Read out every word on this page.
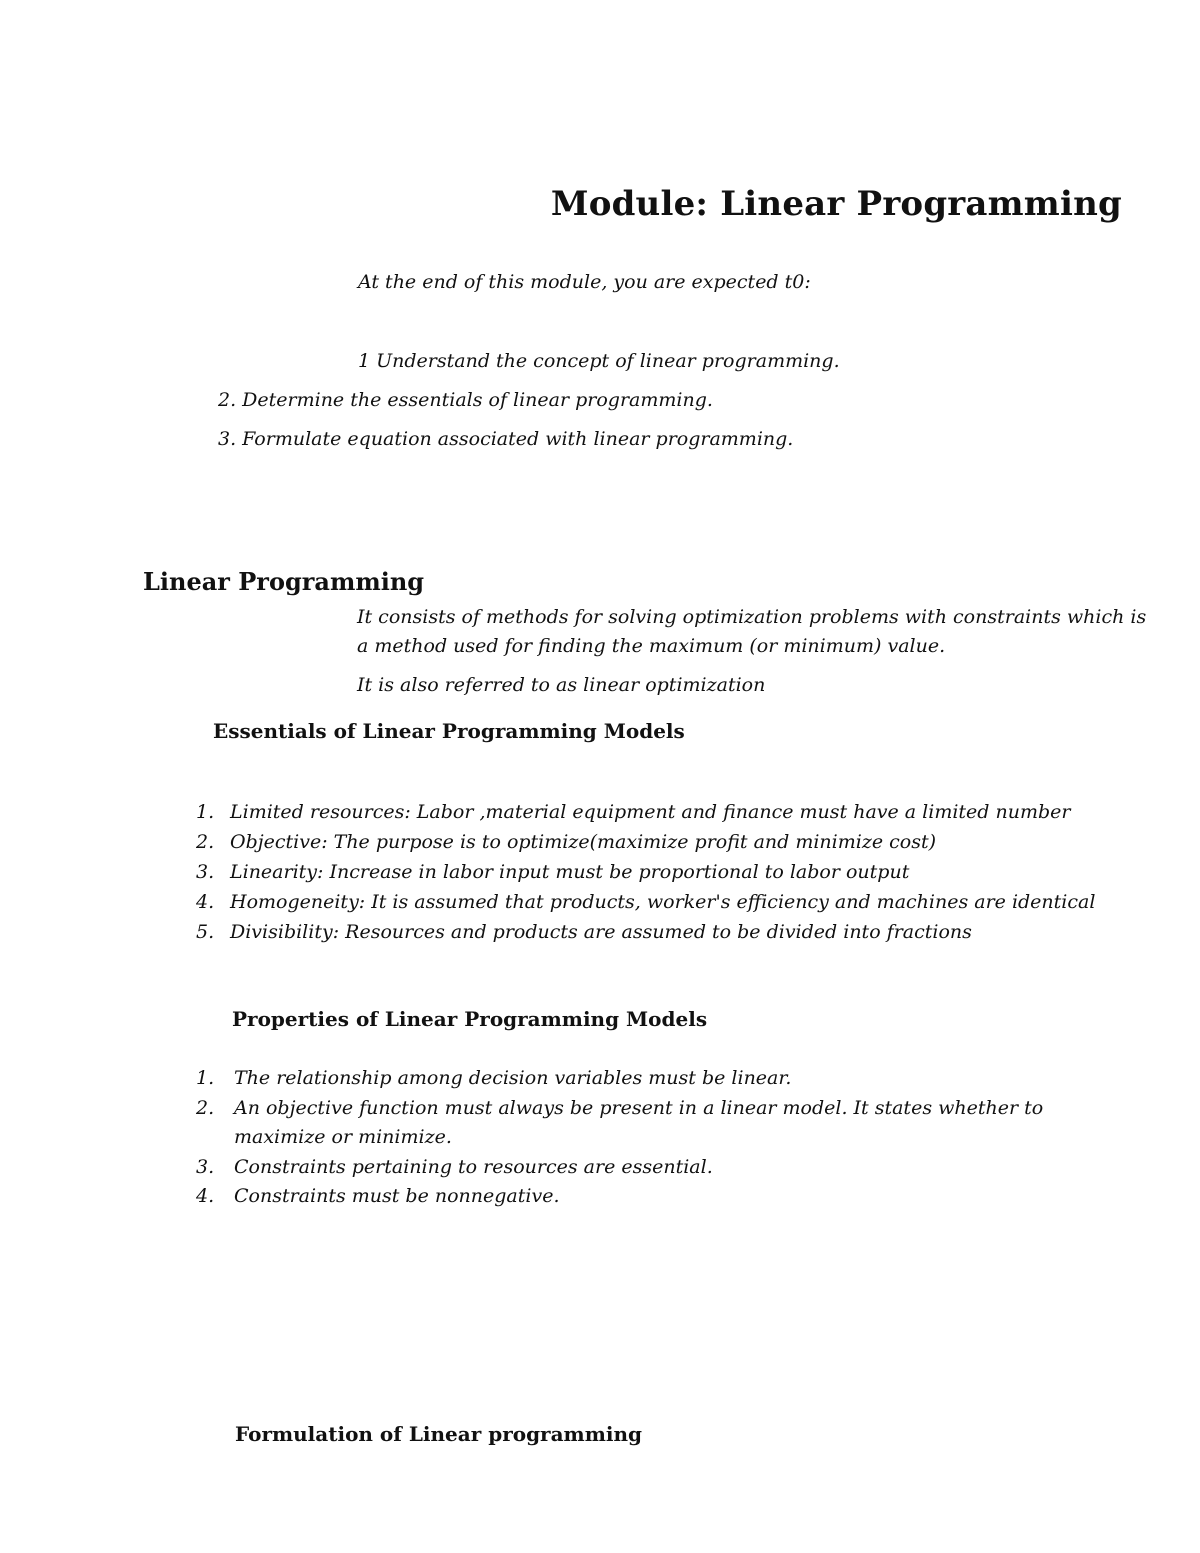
Module: Linear Programming
At the end of this module, you are expected t0:
1 Understand the concept of linear programming.
2. Determine the essentials of linear programming.
3. Formulate equation associated with linear programming.
Linear Programming
It consists of methods for solving optimization problems with constraints which is a method used for finding the maximum (or minimum) value.
It is also referred to as linear optimization
Essentials of Linear Programming Models
1. Limited resources: Labor ,material equipment and finance must have a limited number
2. Objective: The purpose is to optimize(maximize profit and minimize cost)
3. Linearity: Increase in labor input must be proportional to labor output
4. Homogeneity: It is assumed that products, worker's efficiency and machines are identical
5. Divisibility: Resources and products are assumed to be divided into fractions
Properties of Linear Programming Models
1. The relationship among decision variables must be linear.
2. An objective function must always be present in a linear model. It states whether to maximize or minimize.
3. Constraints pertaining to resources are essential.
4. Constraints must be nonnegative.
Formulation of Linear programming
